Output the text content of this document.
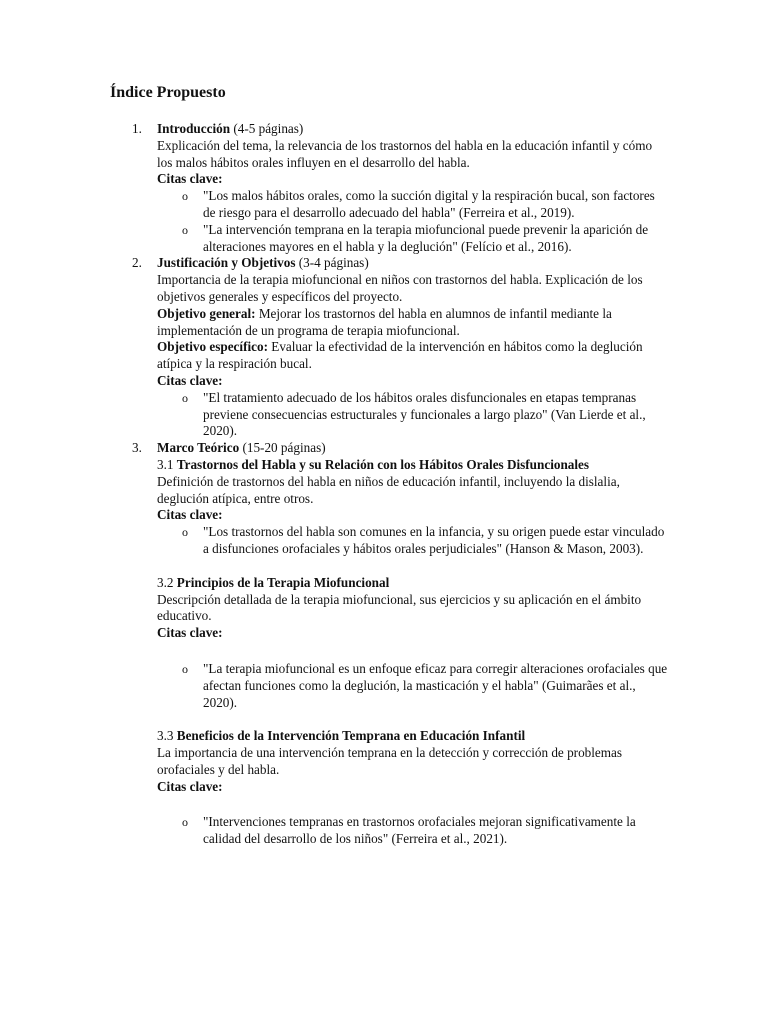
Índice Propuesto
1. Introducción (4-5 páginas)
Explicación del tema, la relevancia de los trastornos del habla en la educación infantil y cómo los malos hábitos orales influyen en el desarrollo del habla.
Citas clave:
o "Los malos hábitos orales, como la succión digital y la respiración bucal, son factores de riesgo para el desarrollo adecuado del habla" (Ferreira et al., 2019).
o "La intervención temprana en la terapia miofuncional puede prevenir la aparición de alteraciones mayores en el habla y la deglución" (Felício et al., 2016).
2. Justificación y Objetivos (3-4 páginas)
Importancia de la terapia miofuncional en niños con trastornos del habla. Explicación de los objetivos generales y específicos del proyecto.
Objetivo general: Mejorar los trastornos del habla en alumnos de infantil mediante la implementación de un programa de terapia miofuncional.
Objetivo específico: Evaluar la efectividad de la intervención en hábitos como la deglución atípica y la respiración bucal.
Citas clave:
o "El tratamiento adecuado de los hábitos orales disfuncionales en etapas tempranas previene consecuencias estructurales y funcionales a largo plazo" (Van Lierde et al., 2020).
3. Marco Teórico (15-20 páginas)
3.1 Trastornos del Habla y su Relación con los Hábitos Orales Disfuncionales
Definición de trastornos del habla en niños de educación infantil, incluyendo la dislalia, deglución atípica, entre otros.
Citas clave:
o "Los trastornos del habla son comunes en la infancia, y su origen puede estar vinculado a disfunciones orofaciales y hábitos orales perjudiciales" (Hanson & Mason, 2003).
3.2 Principios de la Terapia Miofuncional
Descripción detallada de la terapia miofuncional, sus ejercicios y su aplicación en el ámbito educativo.
Citas clave:
o "La terapia miofuncional es un enfoque eficaz para corregir alteraciones orofaciales que afectan funciones como la deglución, la masticación y el habla" (Guimarães et al., 2020).
3.3 Beneficios de la Intervención Temprana en Educación Infantil
La importancia de una intervención temprana en la detección y corrección de problemas orofaciales y del habla.
Citas clave:
o "Intervenciones tempranas en trastornos orofaciales mejoran significativamente la calidad del desarrollo de los niños" (Ferreira et al., 2021).
